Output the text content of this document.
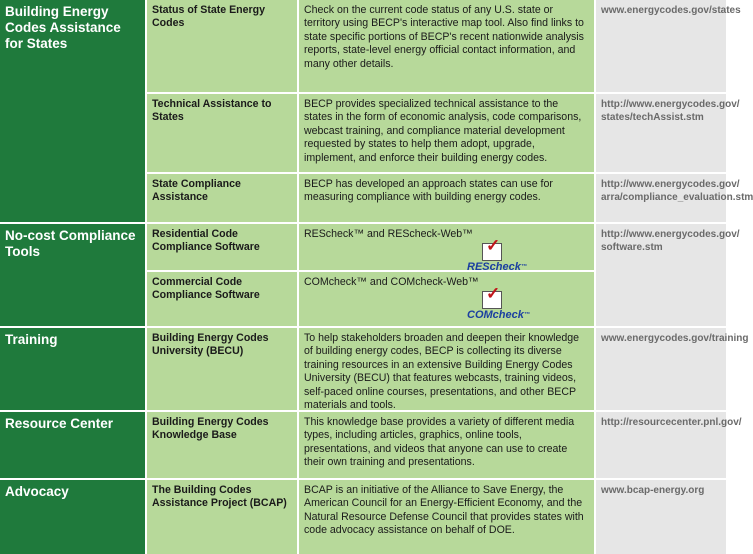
Building Energy Codes Assistance for States
No-cost Compliance Tools
Training
Resource Center
Advocacy
Status of State Energy Codes
Check on the current code status of any U.S. state or territory using BECP's interactive map tool. Also find links to state specific portions of BECP's recent nationwide analysis reports, state-level energy official contact information, and many other details.
www.energycodes.gov/states
Technical Assistance to States
BECP provides specialized technical assistance to the states in the form of economic analysis, code comparisons, webcast training, and compliance material development requested by states to help them adopt, upgrade, implement, and enforce their building energy codes.
http://www.energycodes.gov/ states/techAssist.stm
State Compliance Assistance
BECP has developed an approach states can use for measuring compliance with building energy codes.
http://www.energycodes.gov/ arra/compliance_evaluation.stm
Residential Code Compliance Software
REScheck™ and REScheck-Web™
✓
REScheck™
http://www.energycodes.gov/ software.stm
Commercial Code Compliance Software
COMcheck™ and COMcheck-Web™
✓
COMcheck™
Building Energy Codes University (BECU)
To help stakeholders broaden and deepen their knowledge of building energy codes, BECP is collecting its diverse training resources in an extensive Building Energy Codes University (BECU) that features webcasts, training videos, self-paced online courses, presentations, and other BECP materials and tools.
www.energycodes.gov/training
Building Energy Codes Knowledge Base
This knowledge base provides a variety of different media types, including articles, graphics, online tools, presentations, and videos that anyone can use to create their own training and presentations.
http://resourcecenter.pnl.gov/
The Building Codes Assistance Project (BCAP)
BCAP is an initiative of the Alliance to Save Energy, the American Council for an Energy-Efficient Economy, and the Natural Resource Defense Council that provides states with code advocacy assistance on behalf of DOE.
www.bcap-energy.org
